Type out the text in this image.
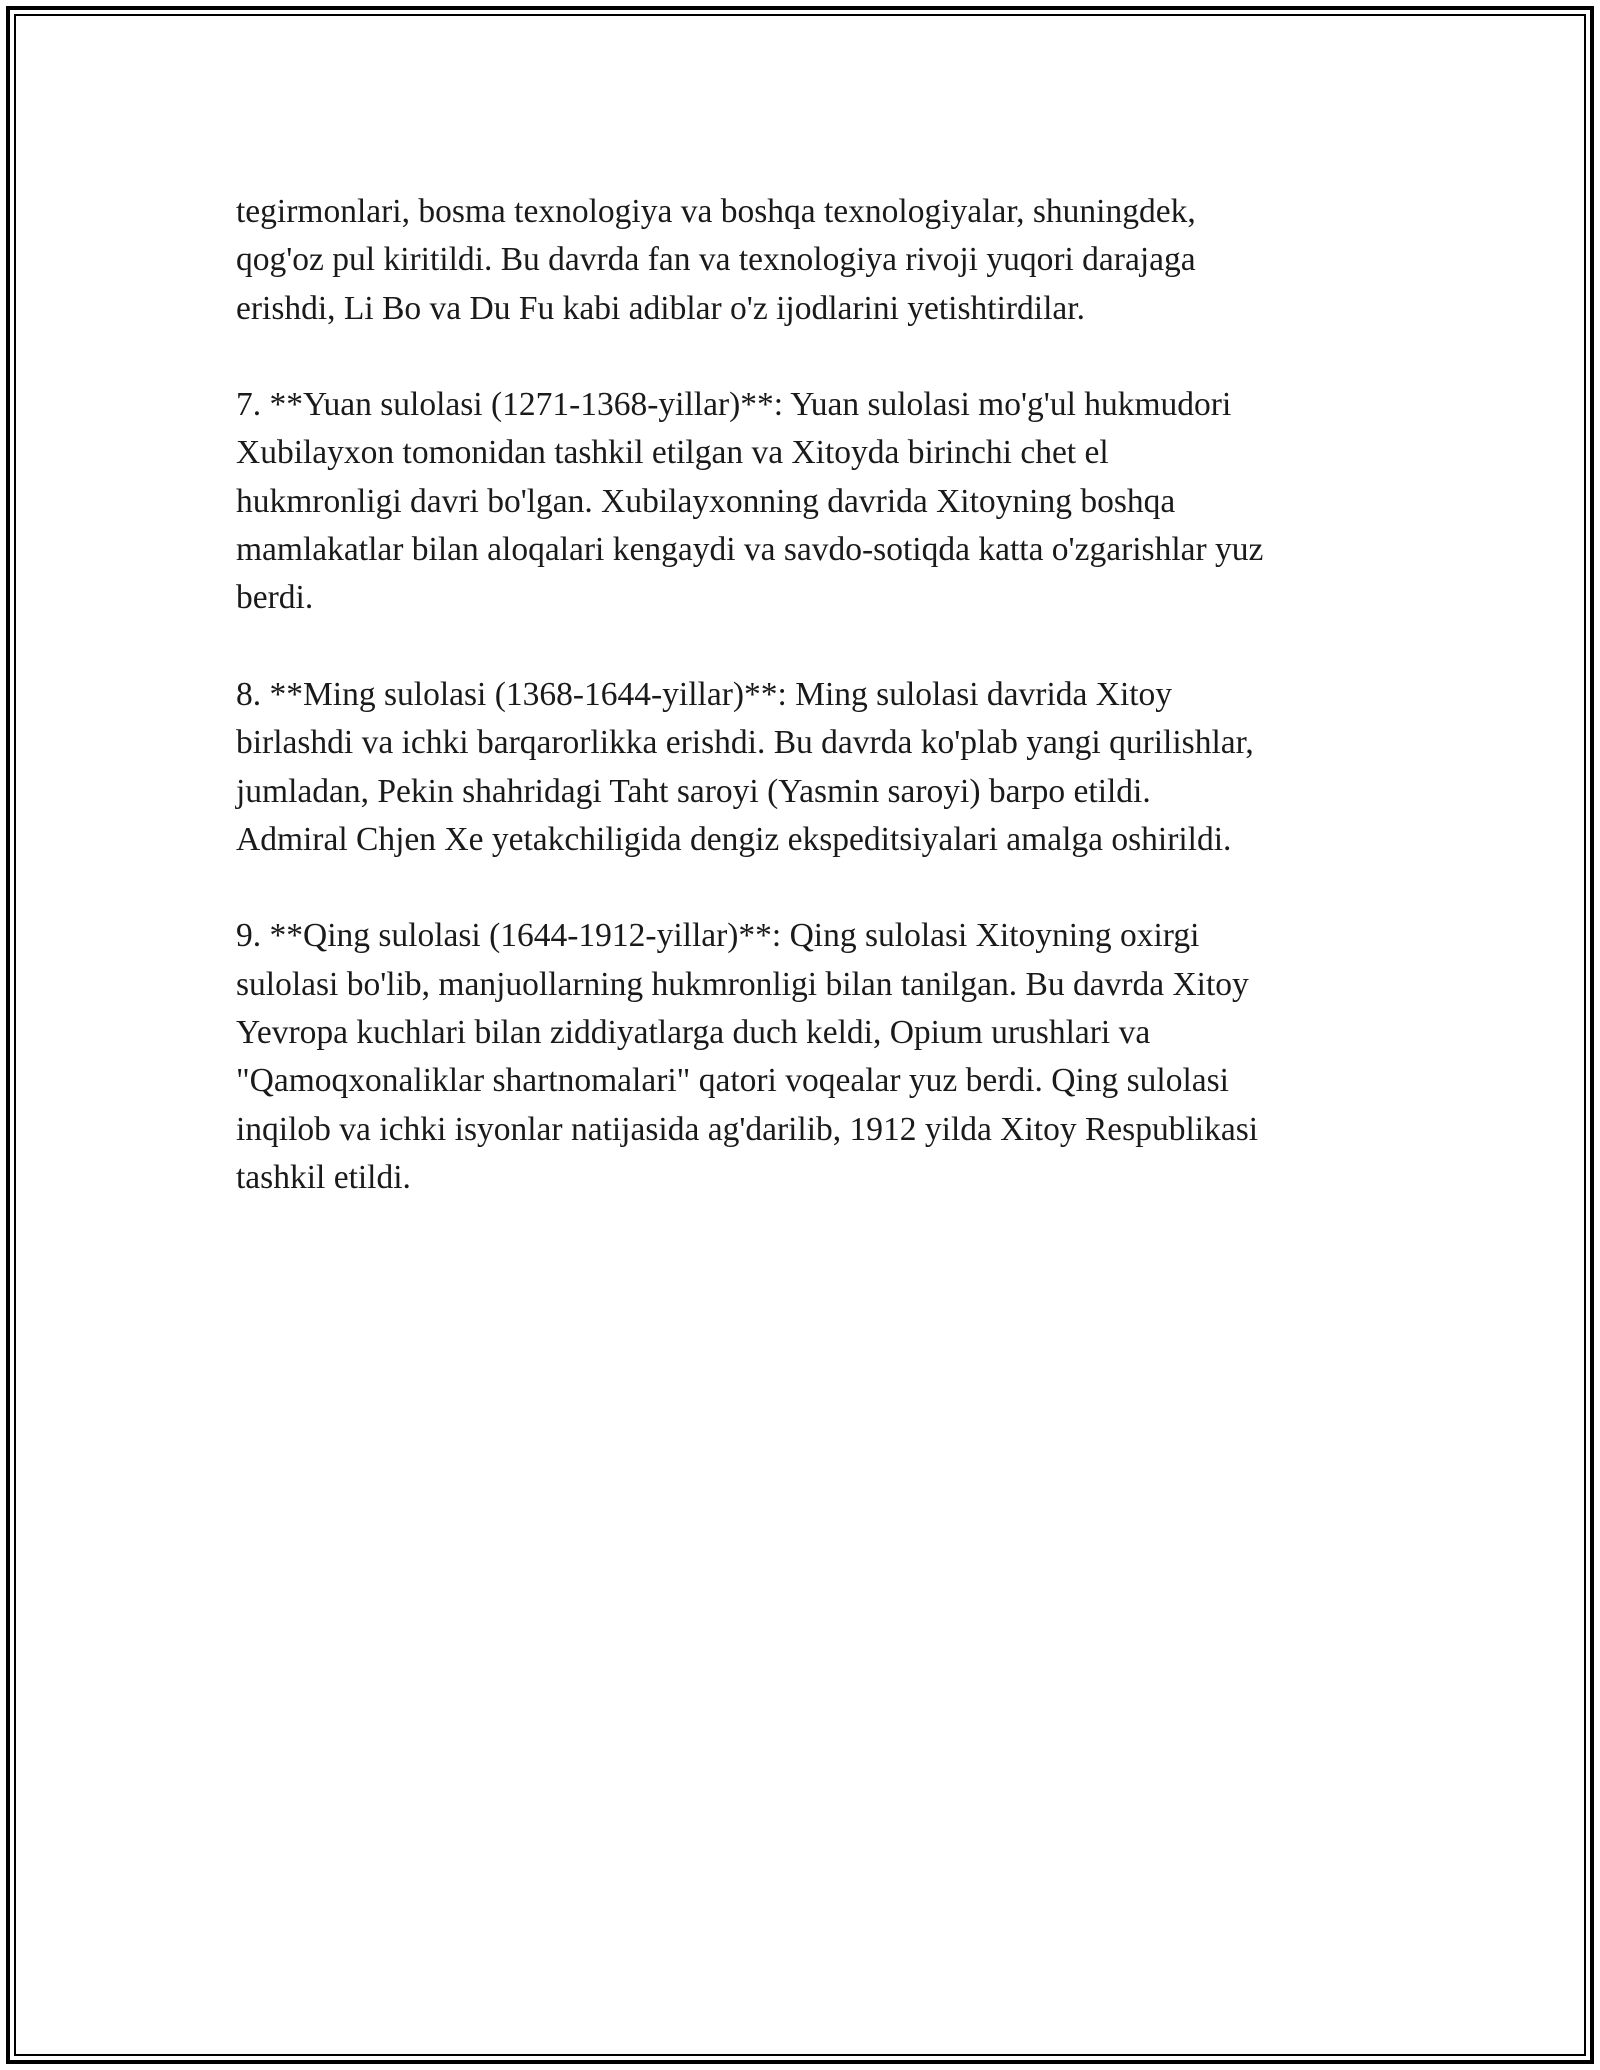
tegirmonlari, bosma texnologiya va boshqa texnologiyalar, shuningdek,
qog'oz pul kiritildi. Bu davrda fan va texnologiya rivoji yuqori darajaga
erishdi, Li Bo va Du Fu kabi adiblar o'z ijodlarini yetishtirdilar.
7. **Yuan sulolasi (1271-1368-yillar)**: Yuan sulolasi mo'g'ul hukmudori
Xubilayxon tomonidan tashkil etilgan va Xitoyda birinchi chet el
hukmronligi davri bo'lgan. Xubilayxonning davrida Xitoyning boshqa
mamlakatlar bilan aloqalari kengaydi va savdo-sotiqda katta o'zgarishlar yuz
berdi.
8. **Ming sulolasi (1368-1644-yillar)**: Ming sulolasi davrida Xitoy
birlashdi va ichki barqarorlikka erishdi. Bu davrda ko'plab yangi qurilishlar,
jumladan, Pekin shahridagi Taht saroyi (Yasmin saroyi) barpo etildi.
Admiral Chjen Xe yetakchiligida dengiz ekspeditsiyalari amalga oshirildi.
9. **Qing sulolasi (1644-1912-yillar)**: Qing sulolasi Xitoyning oxirgi
sulolasi bo'lib, manjuollarning hukmronligi bilan tanilgan. Bu davrda Xitoy
Yevropa kuchlari bilan ziddiyatlarga duch keldi, Opium urushlari va
"Qamoqxonaliklar shartnomalari" qatori voqealar yuz berdi. Qing sulolasi
inqilob va ichki isyonlar natijasida ag'darilib, 1912 yilda Xitoy Respublikasi
tashkil etildi.
